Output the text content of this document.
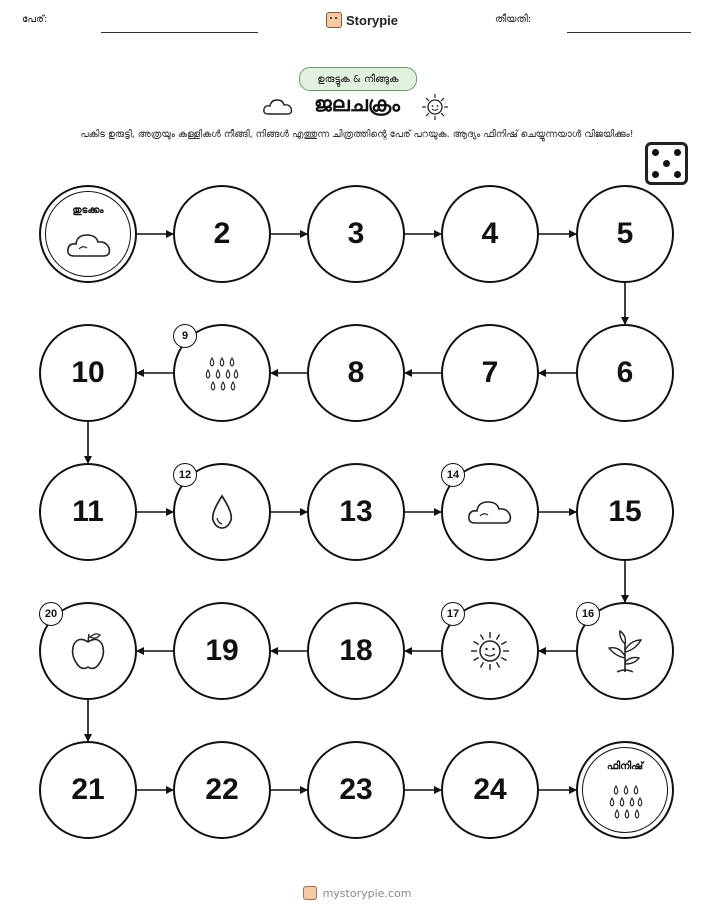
പേര്:	Storypie	തീയതി:
ഉരുട്ടുക & നീങ്ങുക
ജലചക്രം
പകിട ഉരുട്ടി, അത്രയും കള്ളികൾ നീങ്ങി, നിങ്ങൾ എത്തുന്ന ചിത്രത്തിന്റെ പേര് പറയുക. ആദ്യം ഫിനിഷ് ചെയ്യുന്നയാൾ വിജയിക്കും!
തുടക്കം
2	3	4	5
6
7
8
9
10
11
12
13
14
15
16
17
18
19
20
21	22	23	24
ഫിനിഷ്
mystorypie.com
